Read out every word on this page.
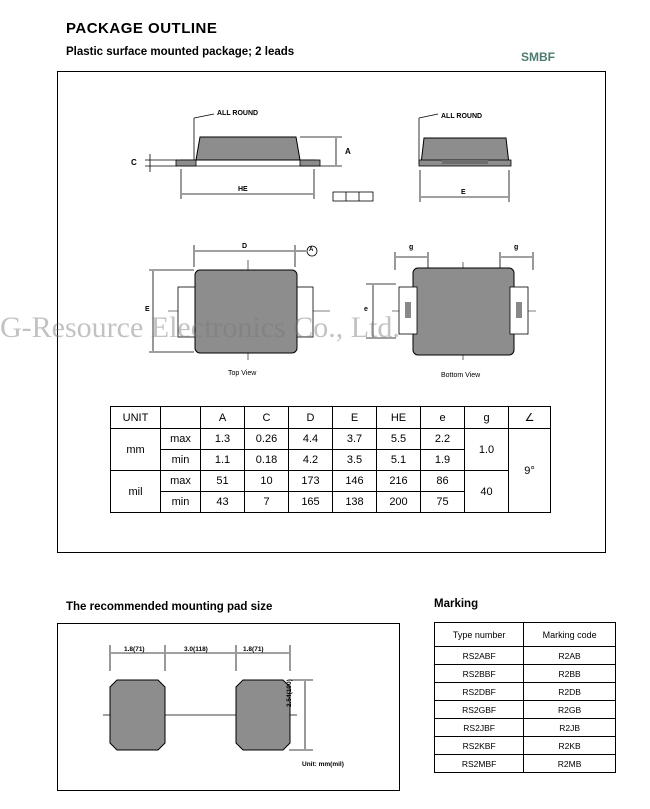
PACKAGE OUTLINE
Plastic surface mounted package; 2 leads	SMBF
ALL ROUND	ALL ROUND
A
C
HE	E
D	A
E
g	g
e
Top View	Bottom View
G-Resource Electronics Co., Ltd.
UNIT		A	C	D	E	HE	e	g	∠
mm	max	1.3	0.26	4.4	3.7	5.5	2.2	1.0	9°
	min	1.1	0.18	4.2	3.5	5.1	1.9		
mil	max	51	10	173	146	216	86	40	
	min	43	7	165	138	200	75		
The recommended mounting pad size
1.8(71)	3.0(118)	1.8(71)
2.54(100)
Unit: mm(mil)
Marking
Type number	Marking code
RS2ABF	R2AB
RS2BBF	R2BB
RS2DBF	R2DB
RS2GBF	R2GB
RS2JBF	R2JB
RS2KBF	R2KB
RS2MBF	R2MB
